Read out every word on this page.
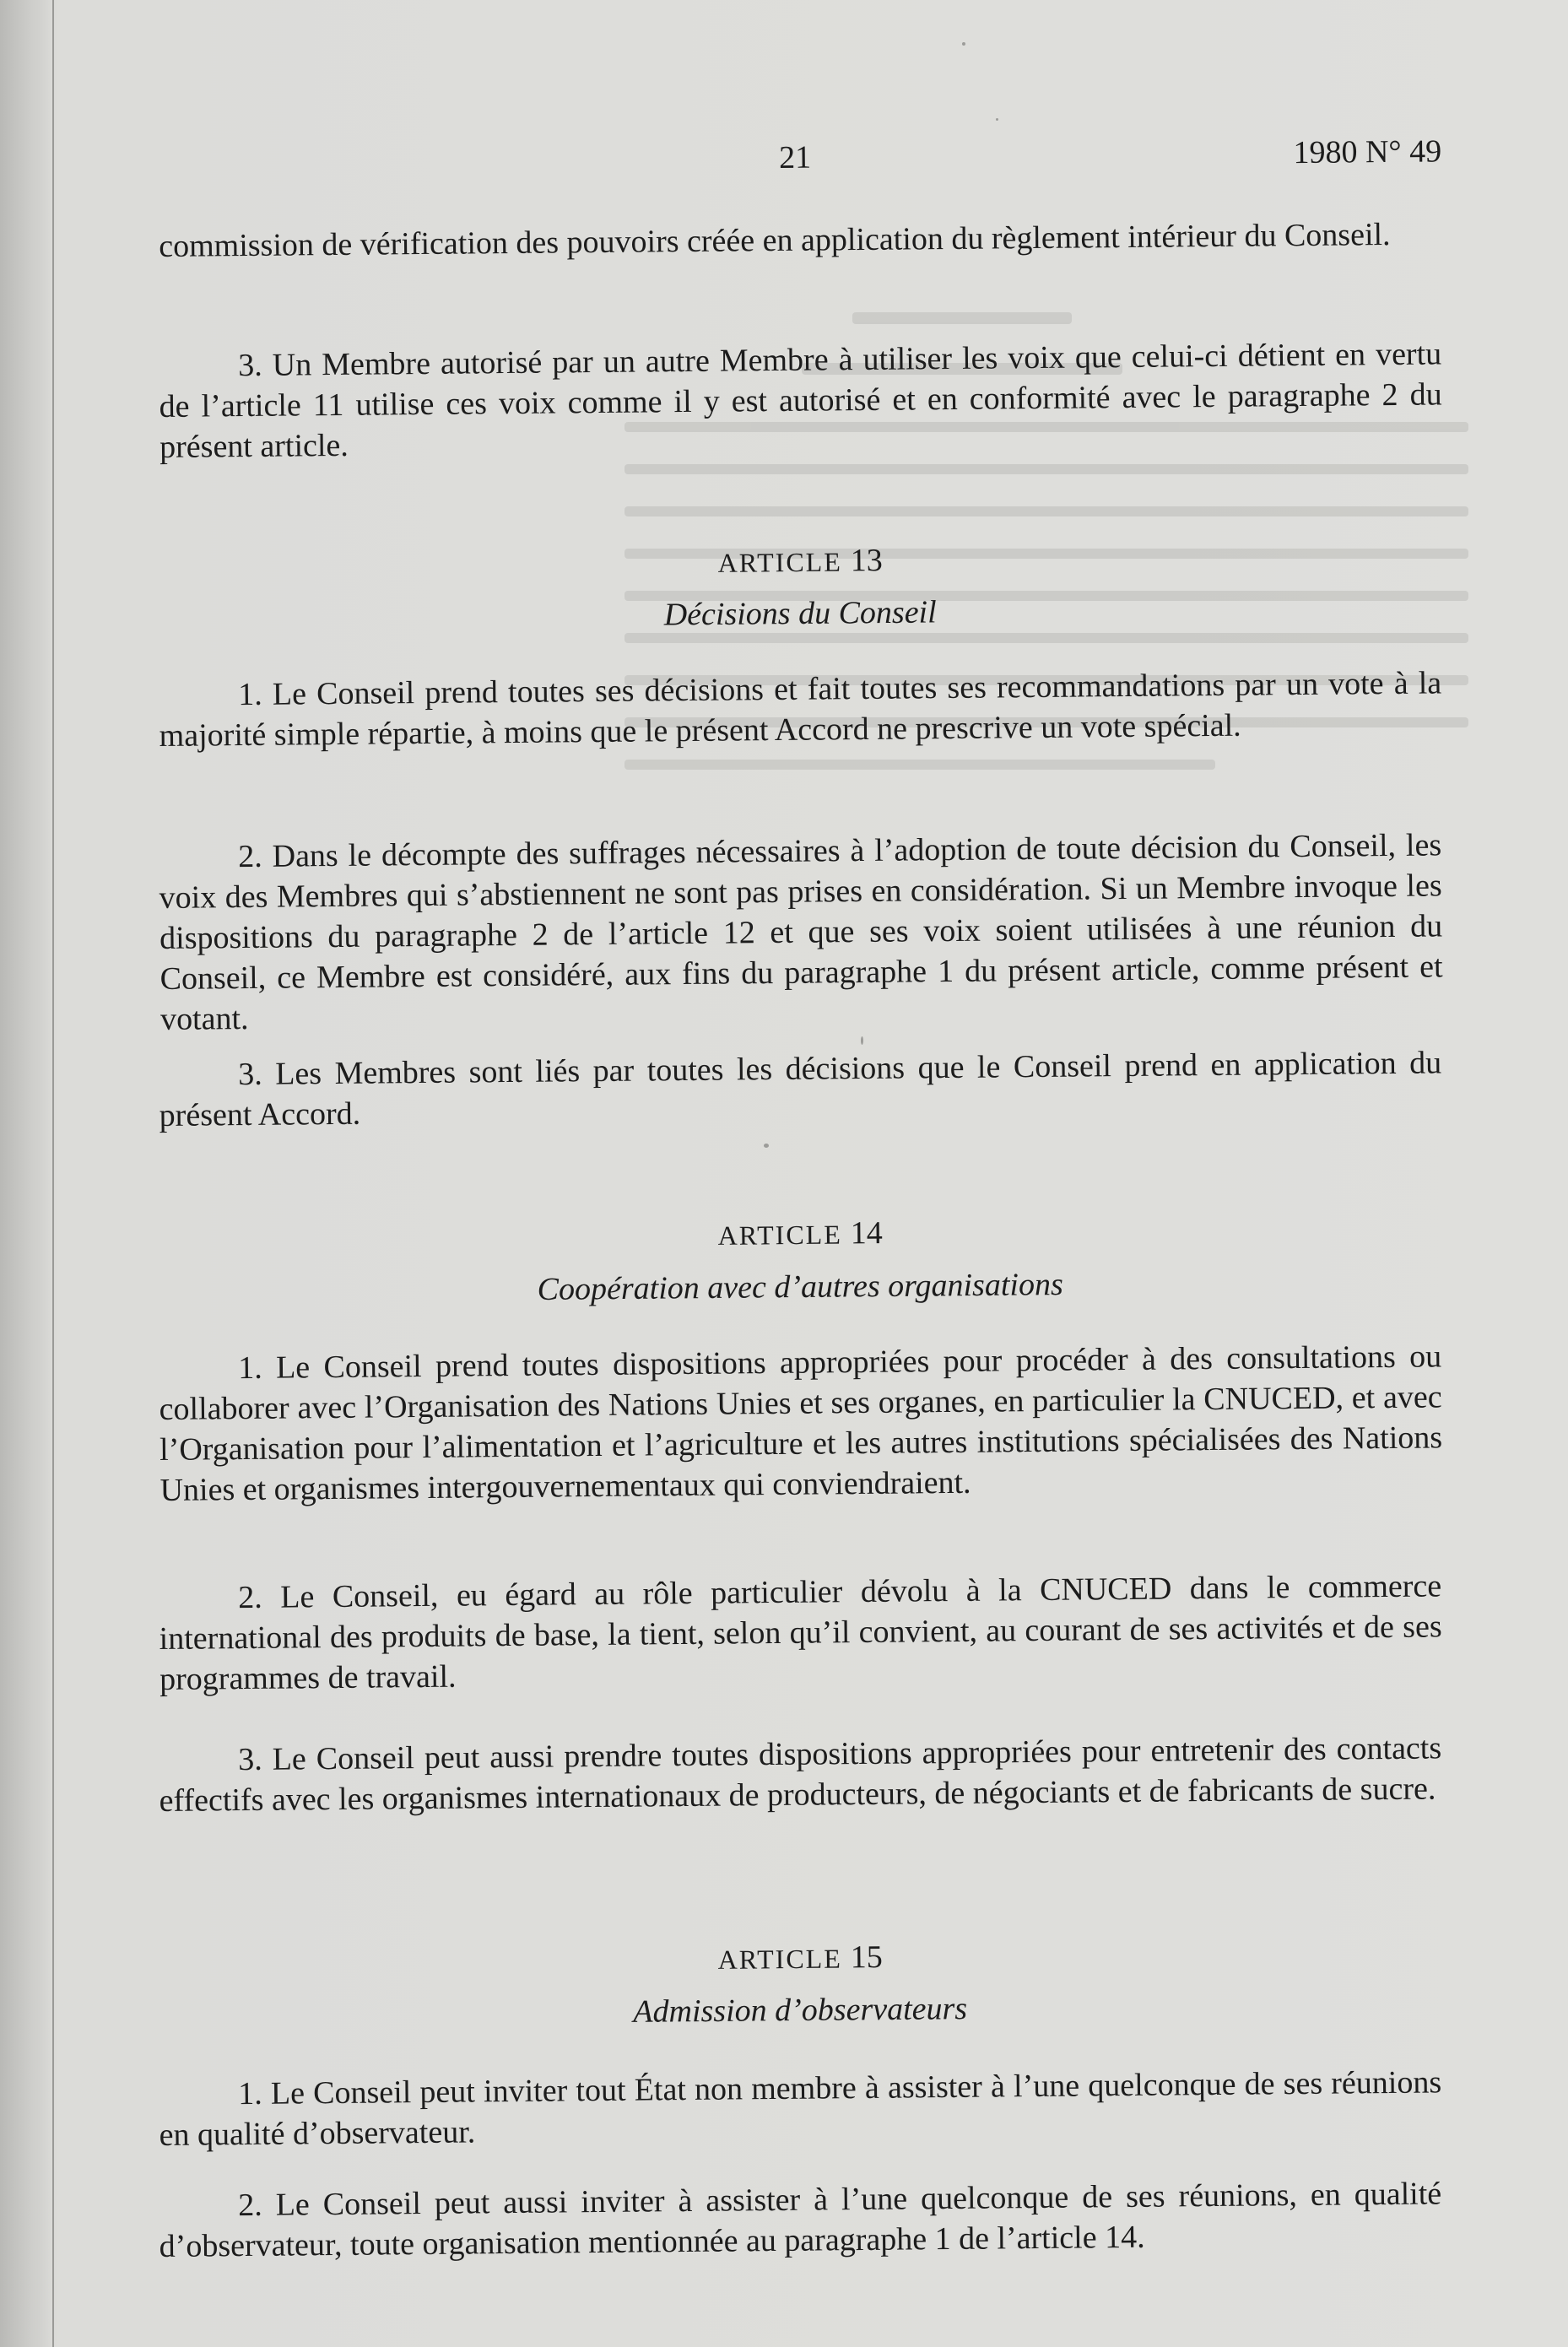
21	1980 N° 49

commission de vérification des pouvoirs créée en application du règlement intérieur du Conseil.

3. Un Membre autorisé par un autre Membre à utiliser les voix que celui-ci détient en vertu de l’article 11 utilise ces voix comme il y est autorisé et en conformité avec le paragraphe 2 du présent article.

ARTICLE 13
Décisions du Conseil

1. Le Conseil prend toutes ses décisions et fait toutes ses recommandations par un vote à la majorité simple répartie, à moins que le présent Accord ne prescrive un vote spécial.

2. Dans le décompte des suffrages nécessaires à l’adoption de toute décision du Conseil, les voix des Membres qui s’abstiennent ne sont pas prises en considération. Si un Membre invoque les dispositions du paragraphe 2 de l’article 12 et que ses voix soient utilisées à une réunion du Conseil, ce Membre est considéré, aux fins du paragraphe 1 du présent article, comme présent et votant.

3. Les Membres sont liés par toutes les décisions que le Conseil prend en application du présent Accord.

ARTICLE 14
Coopération avec d’autres organisations

1. Le Conseil prend toutes dispositions appropriées pour procéder à des consultations ou collaborer avec l’Organisation des Nations Unies et ses organes, en particulier la CNUCED, et avec l’Organisation pour l’alimentation et l’agriculture et les autres institutions spécialisées des Nations Unies et organismes intergouvernementaux qui conviendraient.

2. Le Conseil, eu égard au rôle particulier dévolu à la CNUCED dans le commerce international des produits de base, la tient, selon qu’il convient, au courant de ses activités et de ses programmes de travail.

3. Le Conseil peut aussi prendre toutes dispositions appropriées pour entretenir des contacts effectifs avec les organismes internationaux de producteurs, de négociants et de fabricants de sucre.

ARTICLE 15
Admission d’observateurs

1. Le Conseil peut inviter tout État non membre à assister à l’une quelconque de ses réunions en qualité d’observateur.

2. Le Conseil peut aussi inviter à assister à l’une quelconque de ses réunions, en qualité d’observateur, toute organisation mentionnée au paragraphe 1 de l’article 14.
